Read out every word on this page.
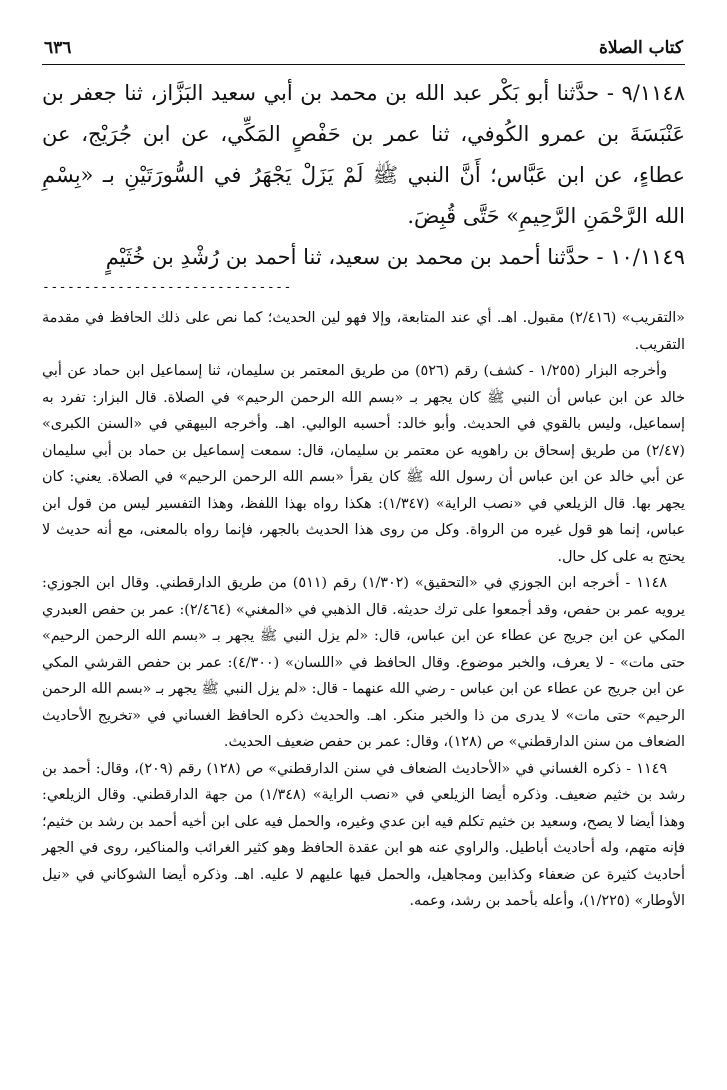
كتاب الصلاة
٦٣٦

٩/١١٤٨ - حدَّثنا أبو بَكْر عبد الله بن محمد بن أبي سعيد البَزَّاز، ثنا جعفر بن عَنْبَسَةَ بن عمرو الكُوفي، ثنا عمر بن حَفْصٍ المَكِّي، عن ابن جُرَيْج، عن عطاءٍ، عن ابن عَبَّاس؛ أَنَّ النبي ﷺ لَمْ يَزَلْ يَجْهَرُ في السُّورَتَيْنِ بـ «بِسْمِ الله الرَّحْمَنِ الرَّحِيمِ» حَتَّى قُبِضَ.

١٠/١١٤٩ - حدَّثنا أحمد بن محمد بن سعيد، ثنا أحمد بن رُشْدِ بن خُثَيْمٍ

------------------------------

«التقريب» (٢/٤١٦) مقبول. اهـ. أي عند المتابعة، وإلا فهو لين الحديث؛ كما نص على ذلك الحافظ في مقدمة التقريب.

وأخرجه البزار (١/٢٥٥ - كشف) رقم (٥٢٦) من طريق المعتمر بن سليمان، ثنا إسماعيل ابن حماد عن أبي خالد عن ابن عباس أن النبي ﷺ كان يجهر بـ «بسم الله الرحمن الرحيم» في الصلاة. قال البزار: تفرد به إسماعيل، وليس بالقوي في الحديث. وأبو خالد: أحسبه الوالبي. اهـ. وأخرجه البيهقي في «السنن الكبرى» (٢/٤٧) من طريق إسحاق بن راهويه عن معتمر بن سليمان، قال: سمعت إسماعيل بن حماد بن أبي سليمان عن أبي خالد عن ابن عباس أن رسول الله ﷺ كان يقرأ «بسم الله الرحمن الرحيم» في الصلاة. يعني: كان يجهر بها. قال الزيلعي في «نصب الراية» (١/٣٤٧): هكذا رواه بهذا اللفظ، وهذا التفسير ليس من قول ابن عباس، إنما هو قول غيره من الرواة. وكل من روى هذا الحديث بالجهر، فإنما رواه بالمعنى، مع أنه حديث لا يحتج به على كل حال.

١١٤٨ - أخرجه ابن الجوزي في «التحقيق» (١/٣٠٢) رقم (٥١١) من طريق الدارقطني. وقال ابن الجوزي: يرويه عمر بن حفص، وقد أجمعوا على ترك حديثه. قال الذهبي في «المغني» (٢/٤٦٤): عمر بن حفص العبدري المكي عن ابن جريج عن عطاء عن ابن عباس، قال: «لم يزل النبي ﷺ يجهر بـ «بسم الله الرحمن الرحيم» حتى مات» - لا يعرف، والخبر موضوع. وقال الحافظ في «اللسان» (٤/٣٠٠): عمر بن حفص القرشي المكي عن ابن جريج عن عطاء عن ابن عباس - رضي الله عنهما - قال: «لم يزل النبي ﷺ يجهر بـ «بسم الله الرحمن الرحيم» حتى مات» لا يدرى من ذا والخبر منكر. اهـ. والحديث ذكره الحافظ الغساني في «تخريج الأحاديث الضعاف من سنن الدارقطني» ص (١٢٨)، وقال: عمر بن حفص ضعيف الحديث.

١١٤٩ - ذكره الغساني في «الأحاديث الضعاف في سنن الدارقطني» ص (١٢٨) رقم (٢٠٩)، وقال: أحمد بن رشد بن خثيم ضعيف. وذكره أيضا الزيلعي في «نصب الراية» (١/٣٤٨) من جهة الدارقطني. وقال الزيلعي: وهذا أيضا لا يصح، وسعيد بن خثيم تكلم فيه ابن عدي وغيره، والحمل فيه على ابن أخيه أحمد بن رشد بن خثيم؛ فإنه متهم، وله أحاديث أباطيل. والراوي عنه هو ابن عقدة الحافظ وهو كثير الغرائب والمناكير، روى في الجهر أحاديث كثيرة عن ضعفاء وكذابين ومجاهيل، والحمل فيها عليهم لا عليه. اهـ. وذكره أيضا الشوكاني في «نيل الأوطار» (١/٢٢٥)، وأعله بأحمد بن رشد، وعمه.
